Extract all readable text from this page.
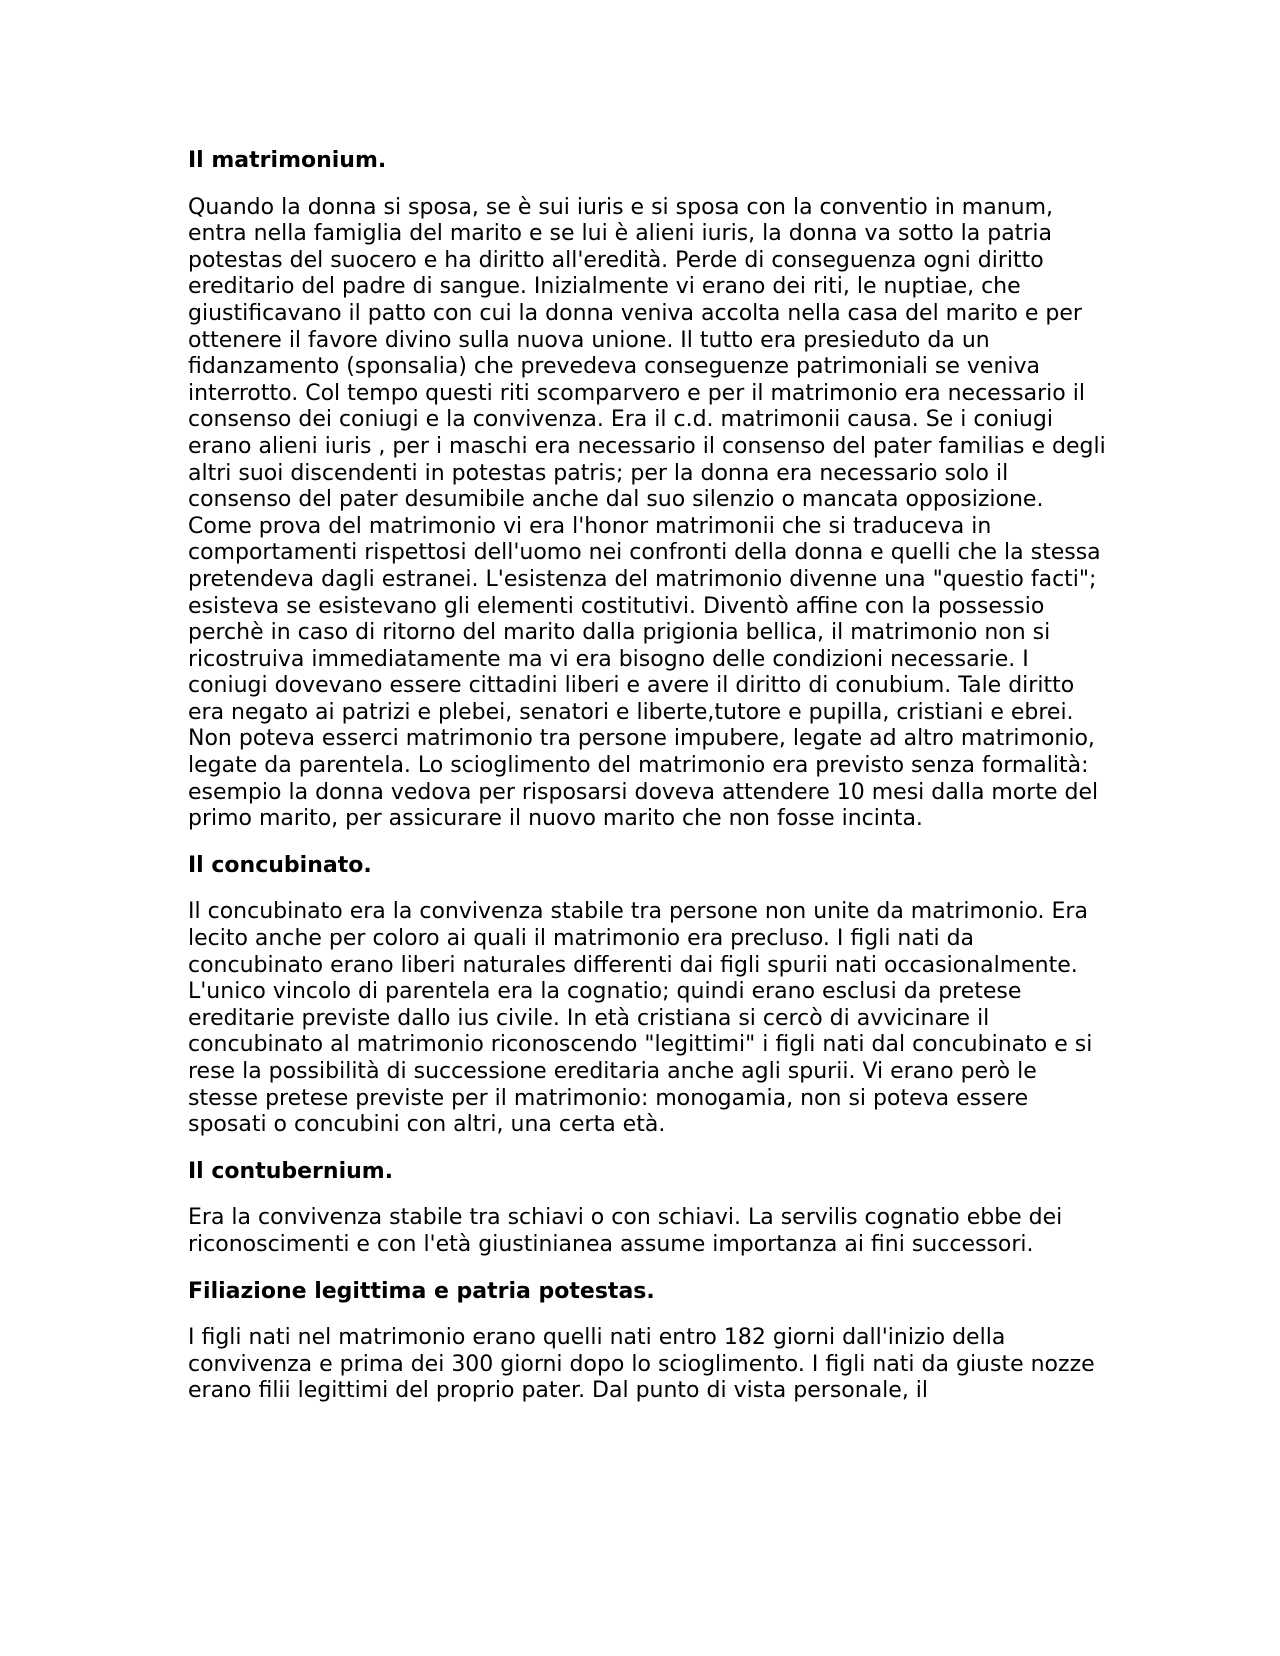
Il matrimonium.

Quando la donna si sposa, se è sui iuris e si sposa con la conventio in manum, entra nella famiglia del marito e se lui è alieni iuris, la donna va sotto la patria potestas del suocero e ha diritto all'eredità. Perde di conseguenza ogni diritto ereditario del padre di sangue. Inizialmente vi erano dei riti, le nuptiae, che giustificavano il patto con cui la donna veniva accolta nella casa del marito e per ottenere il favore divino sulla nuova unione. Il tutto era presieduto da un fidanzamento (sponsalia) che prevedeva conseguenze patrimoniali se veniva interrotto. Col tempo questi riti scomparvero e per il matrimonio era necessario il consenso dei coniugi e la convivenza. Era il c.d. matrimonii causa. Se i coniugi erano alieni iuris , per i maschi era necessario il consenso del pater familias e degli altri suoi discendenti in potestas patris; per la donna era necessario solo il consenso del pater desumibile anche dal suo silenzio o mancata opposizione. Come prova del matrimonio vi era l'honor matrimonii che si traduceva in comportamenti rispettosi dell'uomo nei confronti della donna e quelli che la stessa pretendeva dagli estranei. L'esistenza del matrimonio divenne una "questio facti"; esisteva se esistevano gli elementi costitutivi. Diventò affine con la possessio perchè in caso di ritorno del marito dalla prigionia bellica, il matrimonio non si ricostruiva immediatamente ma vi era bisogno delle condizioni necessarie. I coniugi dovevano essere cittadini liberi e avere il diritto di conubium. Tale diritto era negato ai patrizi e plebei, senatori e liberte,tutore e pupilla, cristiani e ebrei. Non poteva esserci matrimonio tra persone impubere, legate ad altro matrimonio, legate da parentela. Lo scioglimento del matrimonio era previsto senza formalità: esempio la donna vedova per risposarsi doveva attendere 10 mesi dalla morte del primo marito, per assicurare il nuovo marito che non fosse incinta.

Il concubinato.

Il concubinato era la convivenza stabile tra persone non unite da matrimonio. Era lecito anche per coloro ai quali il matrimonio era precluso. I figli nati da concubinato erano liberi naturales differenti dai figli spurii nati occasionalmente. L'unico vincolo di parentela era la cognatio; quindi erano esclusi da pretese ereditarie previste dallo ius civile. In età cristiana si cercò di avvicinare il concubinato al matrimonio riconoscendo "legittimi" i figli nati dal concubinato e si rese la possibilità di successione ereditaria anche agli spurii. Vi erano però le stesse pretese previste per il matrimonio: monogamia, non si poteva essere sposati o concubini con altri, una certa età.

Il contubernium.

Era la convivenza stabile tra schiavi o con schiavi. La servilis cognatio ebbe dei riconoscimenti e con l'età giustinianea assume importanza ai fini successori.

Filiazione legittima e patria potestas.

I figli nati nel matrimonio erano quelli nati entro 182 giorni dall'inizio della convivenza e prima dei 300 giorni dopo lo scioglimento. I figli nati da giuste nozze erano filii legittimi del proprio pater. Dal punto di vista personale, il
